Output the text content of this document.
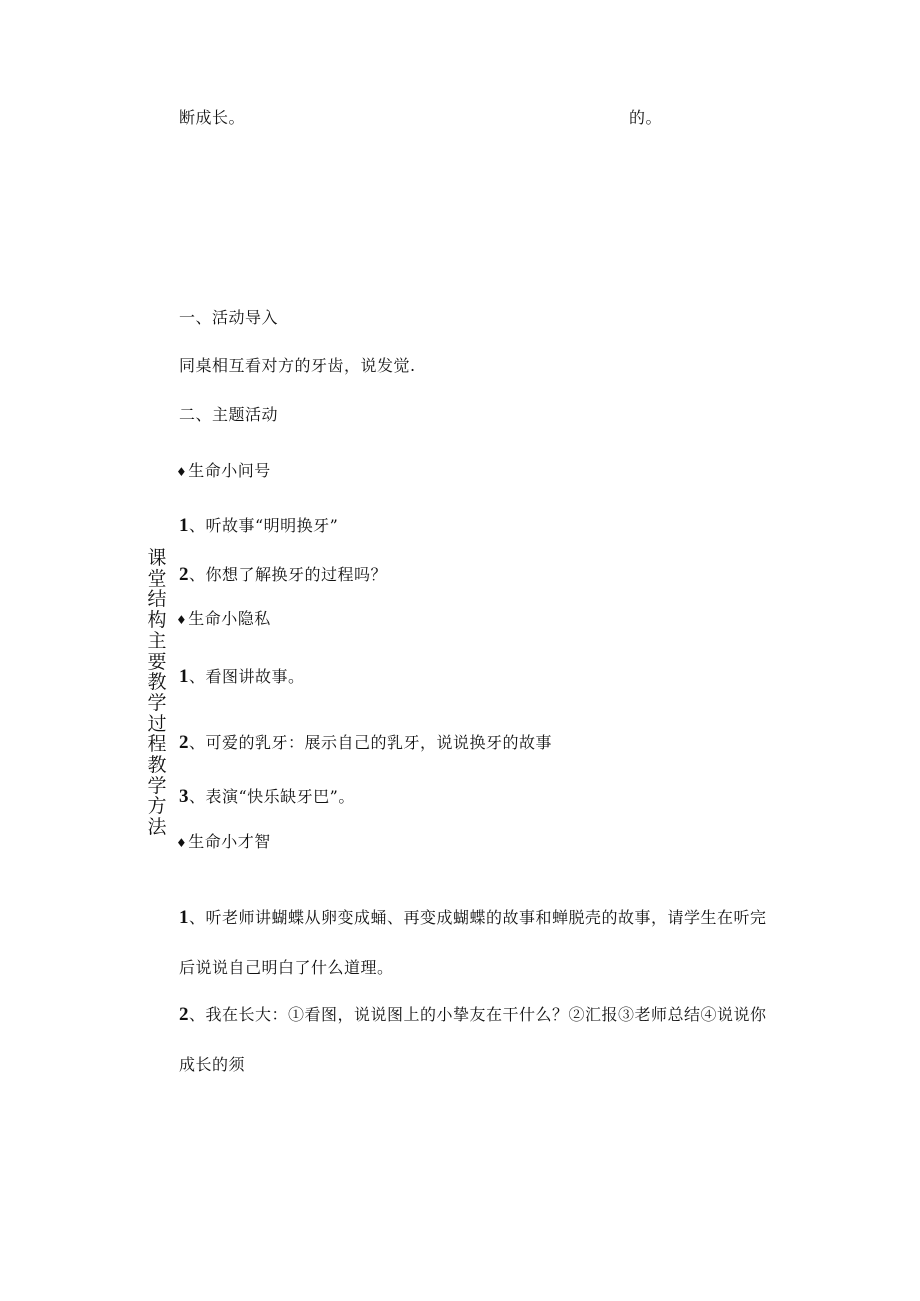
断成长。	的。
课堂结构主要教学过程教学方法
一、活动导入
同桌相互看对方的牙齿，说发觉.
二、主题活动
♦生命小问号
1、听故事“明明换牙”
2、你想了解换牙的过程吗？
♦生命小隐私
1、看图讲故事。
2、可爱的乳牙：展示自己的乳牙，说说换牙的故事
3、表演“快乐缺牙巴”。
♦生命小才智
1、听老师讲蝴蝶从卵变成蛹、再变成蝴蝶的故事和蝉脱壳的故事，请学生在听完
后说说自己明白了什么道理。
2、我在长大：①看图，说说图上的小挚友在干什么？②汇报③老师总结④说说你
成长的须
